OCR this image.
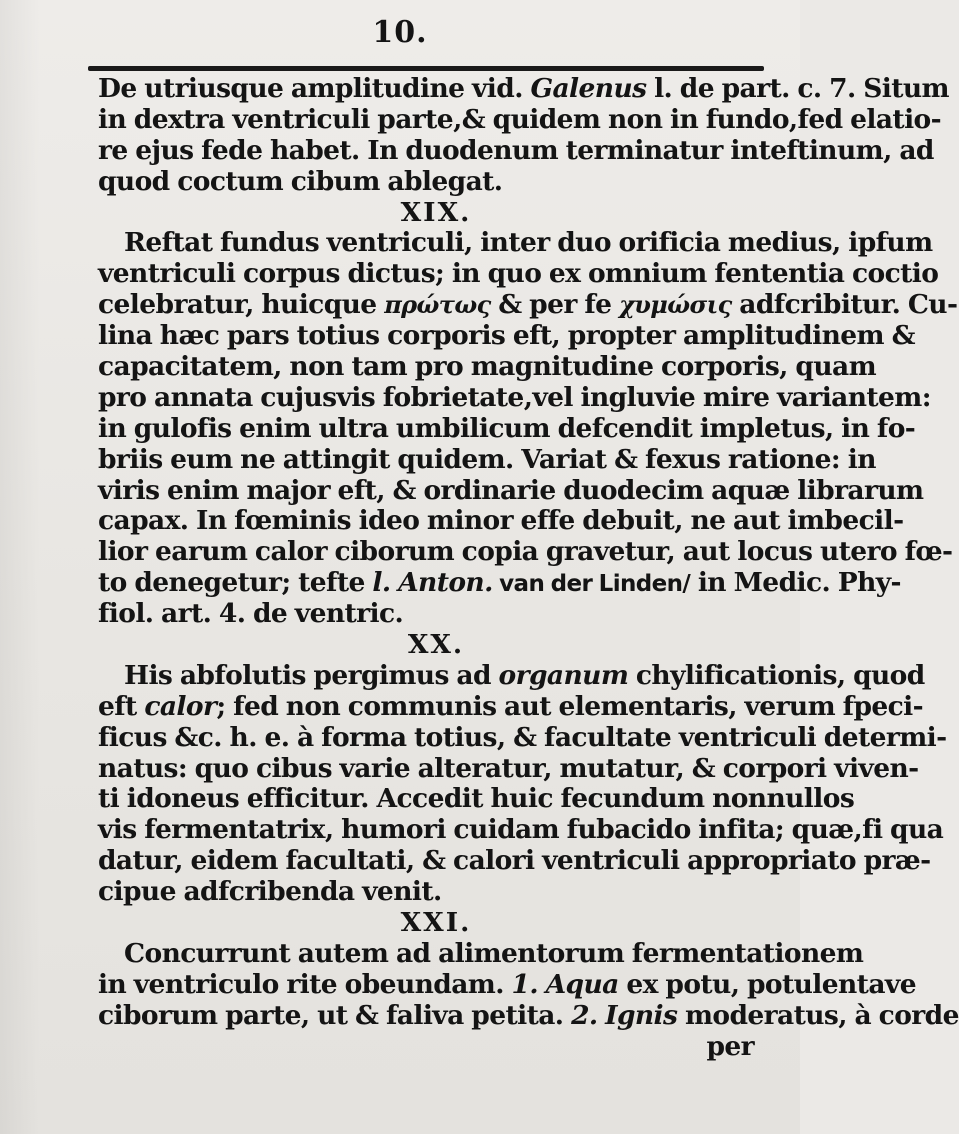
10.
De utriusque amplitudine vid. Galenus l. de part. c. 7. Situm
in dextra ventriculi parte,& quidem non in fundo,fed elatio-
re ejus fede habet. In duodenum terminatur inteftinum, ad
quod coctum cibum ablegat.
XIX.
Reftat fundus ventriculi, inter duo orificia medius, ipfum
ventriculi corpus dictus; in quo ex omnium fententia coctio
celebratur, huicque πρώτως & per fe χυμώσις adfcribitur. Cu-
lina hæc pars totius corporis eft, propter amplitudinem &
capacitatem, non tam pro magnitudine corporis, quam
pro annata cujusvis fobrietate,vel ingluvie mire variantem:
in gulofis enim ultra umbilicum defcendit impletus, in fo-
briis eum ne attingit quidem. Variat & fexus ratione: in
viris enim major eft, & ordinarie duodecim aquæ librarum
capax. In fœminis ideo minor effe debuit, ne aut imbecil-
lior earum calor ciborum copia gravetur, aut locus utero fœ-
to denegetur; tefte l. Anton. van der Linden/ in Medic. Phy-
fiol. art. 4. de ventric.
XX.
His abfolutis pergimus ad organum chylificationis, quod
eft calor; fed non communis aut elementaris, verum fpeci-
ficus &c. h. e. à forma totius, & facultate ventriculi determi-
natus: quo cibus varie alteratur, mutatur, & corpori viven-
ti idoneus efficitur. Accedit huic fecundum nonnullos
vis fermentatrix, humori cuidam fubacido infita; quæ,fi qua
datur, eidem facultati, & calori ventriculi appropriato præ-
cipue adfcribenda venit.
XXI.
Concurrunt autem ad alimentorum fermentationem
in ventriculo rite obeundam. 1. Aqua ex potu, potulentave
ciborum parte, ut & faliva petita. 2. Ignis moderatus, à corde
per
